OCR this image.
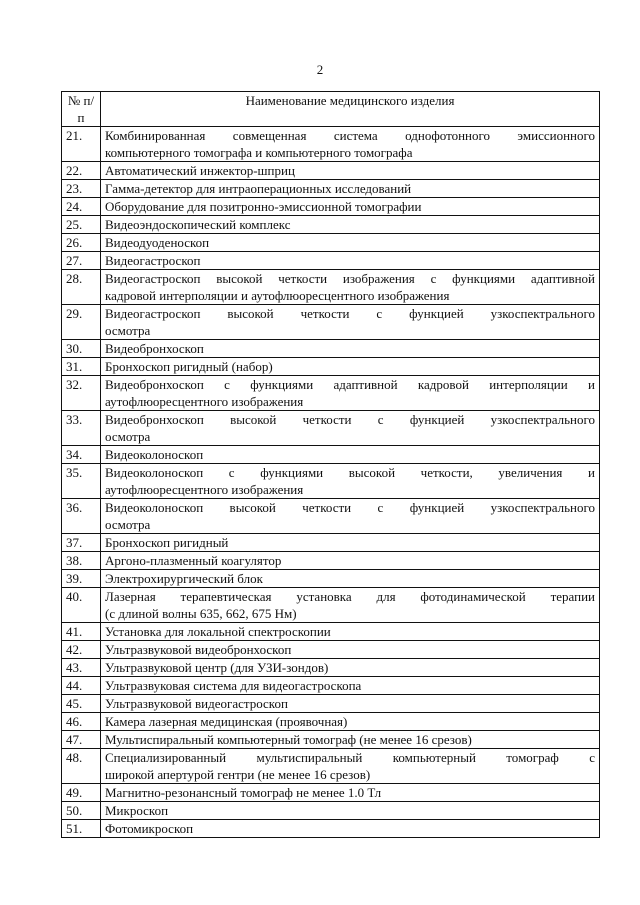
2
№ п/п	Наименование медицинского изделия
21.	Комбинированная совмещенная система однофотонного эмиссионного
компьютерного томографа и компьютерного томографа

22.	Автоматический инжектор-шприц

23.	Гамма-детектор для интраоперационных исследований

24.	Оборудование для позитронно-эмиссионной томографии

25.	Видеоэндоскопический комплекс

26.	Видеодуоденоскоп

27.	Видеогастроскоп

28.	Видеогастроскоп высокой четкости изображения с функциями адаптивной
кадровой интерполяции и аутофлюоресцентного изображения

29.	Видеогастроскоп высокой четкости с функцией узкоспектрального
осмотра

30.	Видеобронхоскоп

31.	Бронхоскоп ригидный (набор)

32.	Видеобронхоскоп с функциями адаптивной кадровой интерполяции и
аутофлюоресцентного изображения

33.	Видеобронхоскоп высокой четкости с функцией узкоспектрального
осмотра

34.	Видеоколоноскоп

35.	Видеоколоноскоп с функциями высокой четкости, увеличения и
аутофлюоресцентного изображения

36.	Видеоколоноскоп высокой четкости с функцией узкоспектрального
осмотра

37.	Бронхоскоп ригидный

38.	Аргоно-плазменный коагулятор

39.	Электрохирургический блок

40.	Лазерная терапевтическая установка для фотодинамической терапии
(с длиной волны 635, 662, 675 Нм)

41.	Установка для локальной спектроскопии

42.	Ультразвуковой видеобронхоскоп

43.	Ультразвуковой центр (для УЗИ-зондов)

44.	Ультразвуковая система для видеогастроскопа

45.	Ультразвуковой видеогастроскоп

46.	Камера лазерная медицинская (проявочная)

47.	Мультиспиральный компьютерный томограф (не менее 16 срезов)

48.	Специализированный мультиспиральный компьютерный томограф с
широкой апертурой гентри (не менее 16 срезов)

49.	Магнитно-резонансный томограф не менее 1.0 Тл

50.	Микроскоп

51.	Фотомикроскоп
